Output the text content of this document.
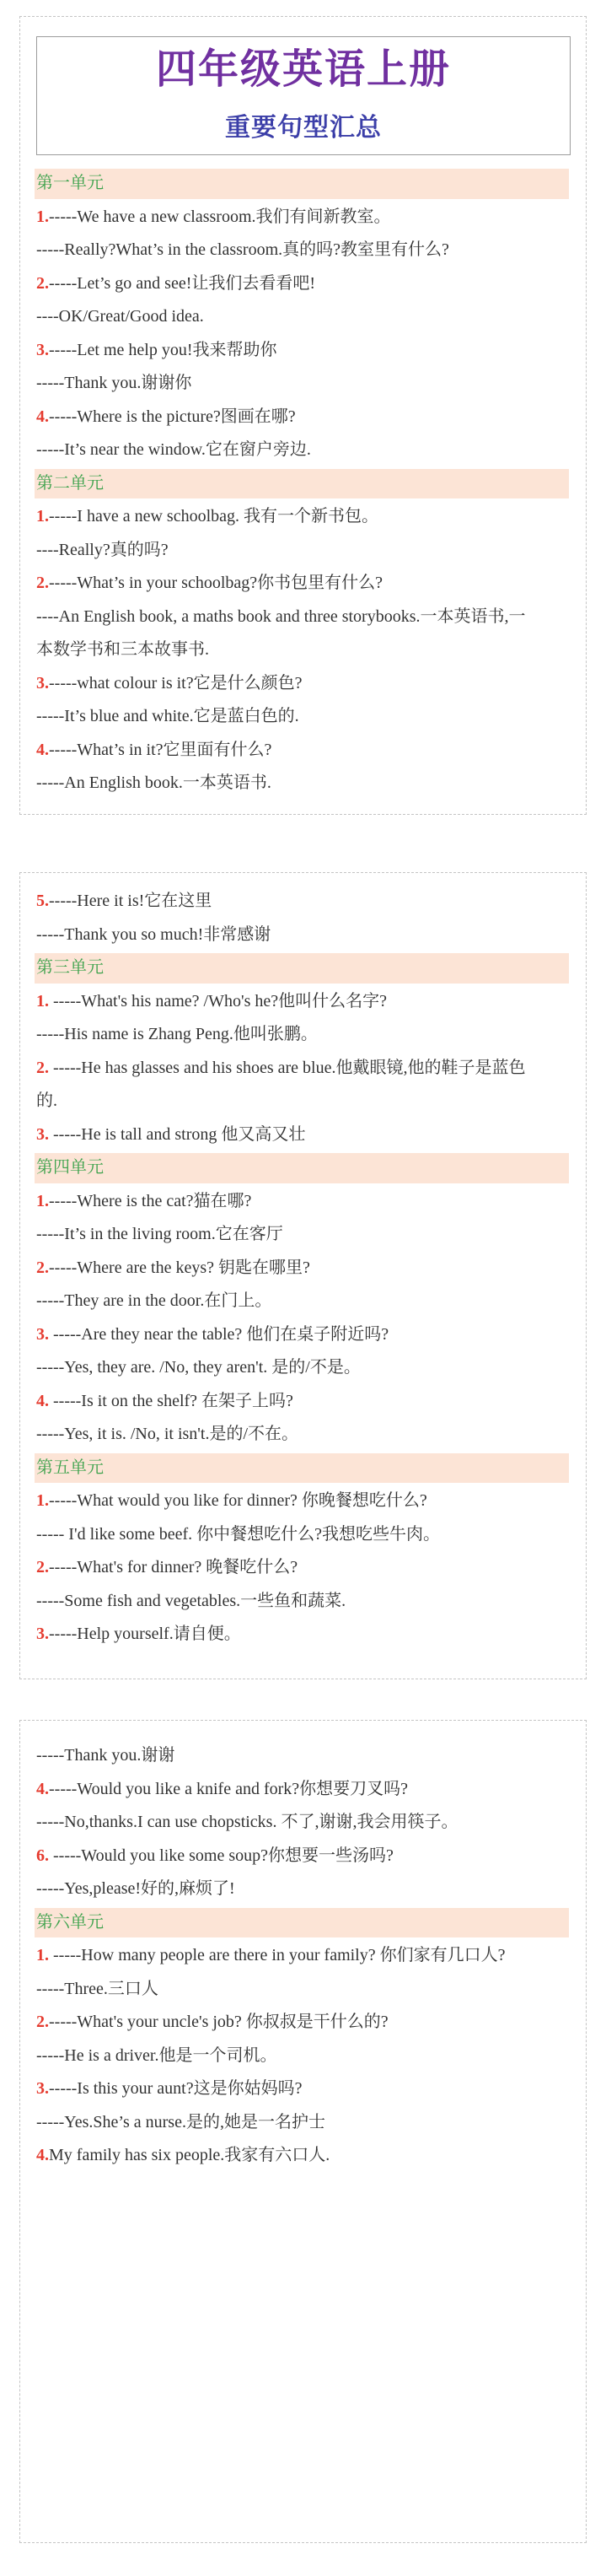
四年级英语上册
重要句型汇总
第一单元
1.-----We have a new classroom.我们有间新教室。
-----Really?What’s in the classroom.真的吗?教室里有什么?
2.-----Let’s go and see!让我们去看看吧!
----OK/Great/Good idea.
3.-----Let me help you!我来帮助你
-----Thank you.谢谢你
4.-----Where is the picture?图画在哪?
-----It’s near the window.它在窗户旁边.
第二单元
1.-----I have a new schoolbag. 我有一个新书包。
----Really?真的吗?
2.-----What’s in your schoolbag?你书包里有什么?
----An English book, a maths book and three storybooks.一本英语书,一
本数学书和三本故事书.
3.-----what colour is it?它是什么颜色?
-----It’s blue and white.它是蓝白色的.
4.-----What’s in it?它里面有什么?
-----An English book.一本英语书.
5.-----Here it is!它在这里
-----Thank you so much!非常感谢
第三单元
1. -----What's his name? /Who's he?他叫什么名字?
-----His name is Zhang Peng.他叫张鹏。
2. -----He has glasses and his shoes are blue.他戴眼镜,他的鞋子是蓝色
的.
3. -----He is tall and strong 他又高又壮
第四单元
1.-----Where is the cat?猫在哪?
-----It’s in the living room.它在客厅
2.-----Where are the keys? 钥匙在哪里?
-----They are in the door.在门上。
3. -----Are they near the table? 他们在桌子附近吗?
-----Yes, they are. /No, they aren't. 是的/不是。
4. -----Is it on the shelf? 在架子上吗?
-----Yes, it is. /No, it isn't.是的/不在。
第五单元
1.-----What would you like for dinner? 你晚餐想吃什么?
----- I'd like some beef. 你中餐想吃什么?我想吃些牛肉。
2.-----What's for dinner? 晚餐吃什么?
-----Some fish and vegetables.一些鱼和蔬菜.
3.-----Help yourself.请自便。
-----Thank you.谢谢
4.-----Would you like a knife and fork?你想要刀叉吗?
-----No,thanks.I can use chopsticks. 不了,谢谢,我会用筷子。
6. -----Would you like some soup?你想要一些汤吗?
-----Yes,please!好的,麻烦了!
第六单元
1. -----How many people are there in your family? 你们家有几口人?
-----Three.三口人
2.-----What's your uncle's job? 你叔叔是干什么的?
-----He is a driver.他是一个司机。
3.-----Is this your aunt?这是你姑妈吗?
-----Yes.She’s a nurse.是的,她是一名护士
4.My family has six people.我家有六口人.
